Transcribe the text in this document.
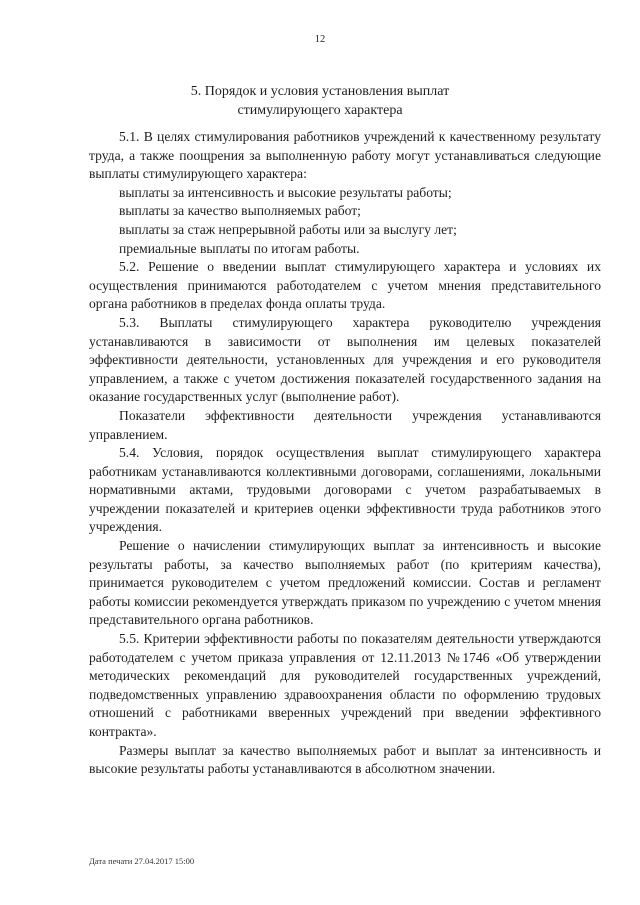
12
5. Порядок и условия установления выплат
стимулирующего характера

5.1. В целях стимулирования работников учреждений к качественному результату труда, а также поощрения за выполненную работу могут устанавливаться следующие выплаты стимулирующего характера:

выплаты за интенсивность и высокие результаты работы;

выплаты за качество выполняемых работ;

выплаты за стаж непрерывной работы или за выслугу лет;

премиальные выплаты по итогам работы.

5.2. Решение о введении выплат стимулирующего характера и условиях их осуществления принимаются работодателем с учетом мнения представительного органа работников в пределах фонда оплаты труда.

5.3. Выплаты стимулирующего характера руководителю учреждения устанавливаются в зависимости от выполнения им целевых показателей эффективности деятельности, установленных для учреждения и его руководителя управлением, а также с учетом достижения показателей государственного задания на оказание государственных услуг (выполнение работ).

Показатели эффективности деятельности учреждения устанавливаются управлением.

5.4. Условия, порядок осуществления выплат стимулирующего характера работникам устанавливаются коллективными договорами, соглашениями, локальными нормативными актами, трудовыми договорами с учетом разрабатываемых в учреждении показателей и критериев оценки эффективности труда работников этого учреждения.

Решение о начислении стимулирующих выплат за интенсивность и высокие результаты работы, за качество выполняемых работ (по критериям качества), принимается руководителем с учетом предложений комиссии. Состав и регламент работы комиссии рекомендуется утверждать приказом по учреждению с учетом мнения представительного органа работников.

5.5. Критерии эффективности работы по показателям деятельности утверждаются работодателем с учетом приказа управления от 12.11.2013 №1746 «Об утверждении методических рекомендаций для руководителей государственных учреждений, подведомственных управлению здравоохранения области по оформлению трудовых отношений с работниками вверенных учреждений при введении эффективного контракта».

Размеры выплат за качество выполняемых работ и выплат за интенсивность и высокие результаты работы устанавливаются в абсолютном значении.

Дата печати 27.04.2017 15:00
